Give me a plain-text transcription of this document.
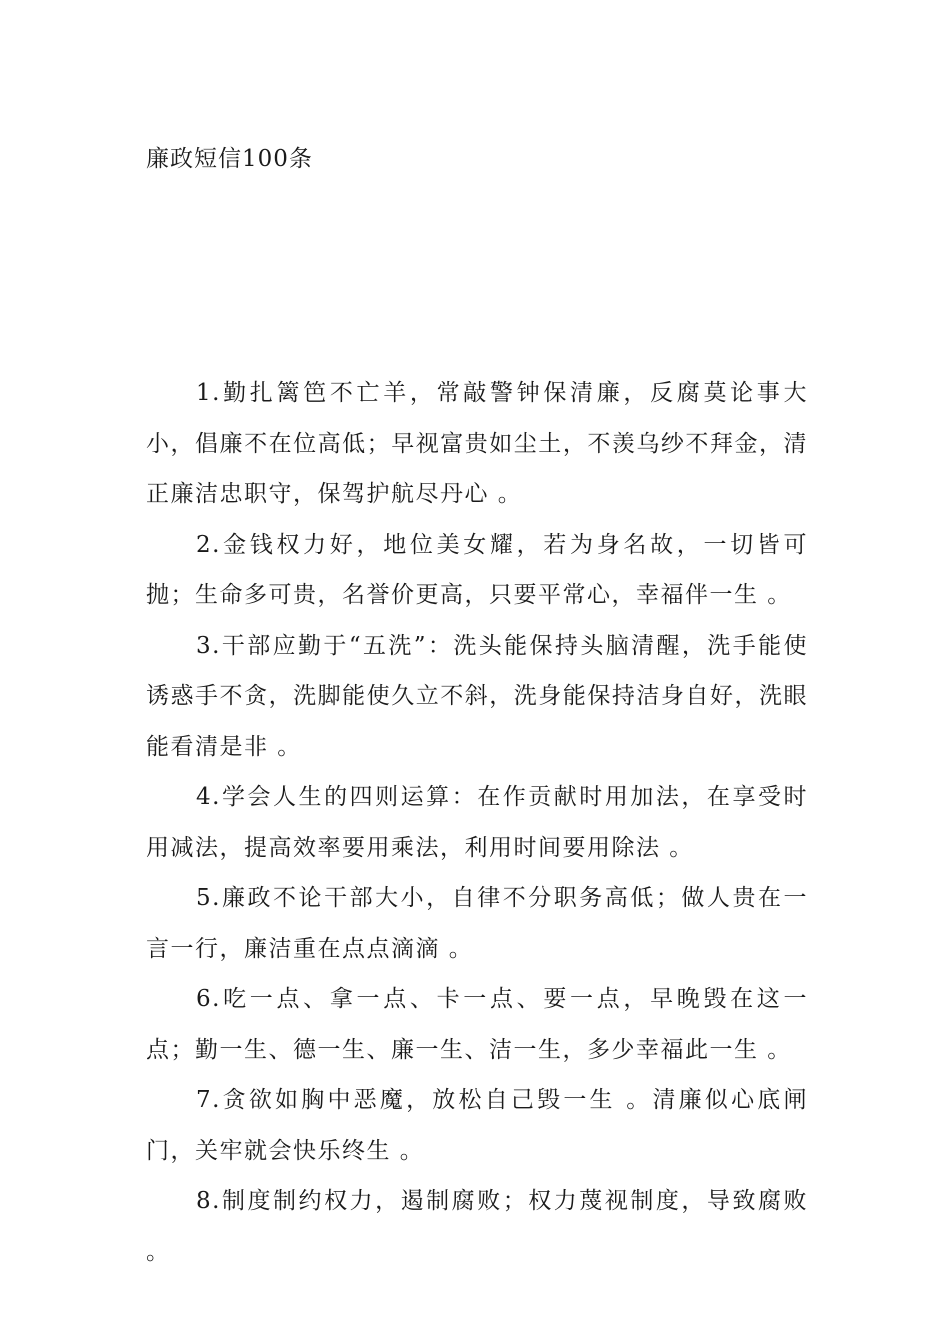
廉政短信100条

1.勤扎篱笆不亡羊，常敲警钟保清廉，反腐莫论事大小，倡廉不在位高低；早视富贵如尘土，不羡乌纱不拜金，清正廉洁忠职守，保驾护航尽丹心 。

2.金钱权力好，地位美女耀，若为身名故，一切皆可抛；生命多可贵，名誉价更高，只要平常心，幸福伴一生 。

3.干部应勤于“五洗”：洗头能保持头脑清醒，洗手能使诱惑手不贪，洗脚能使久立不斜，洗身能保持洁身自好，洗眼能看清是非 。

4.学会人生的四则运算：在作贡献时用加法，在享受时用减法，提高效率要用乘法，利用时间要用除法 。

5.廉政不论干部大小，自律不分职务高低；做人贵在一言一行，廉洁重在点点滴滴 。

6.吃一点、拿一点、卡一点、要一点，早晚毁在这一点；勤一生、德一生、廉一生、洁一生，多少幸福此一生 。

7.贪欲如胸中恶魔，放松自己毁一生 。清廉似心底闸门，关牢就会快乐终生 。

8.制度制约权力，遏制腐败；权力蔑视制度，导致腐败 。
